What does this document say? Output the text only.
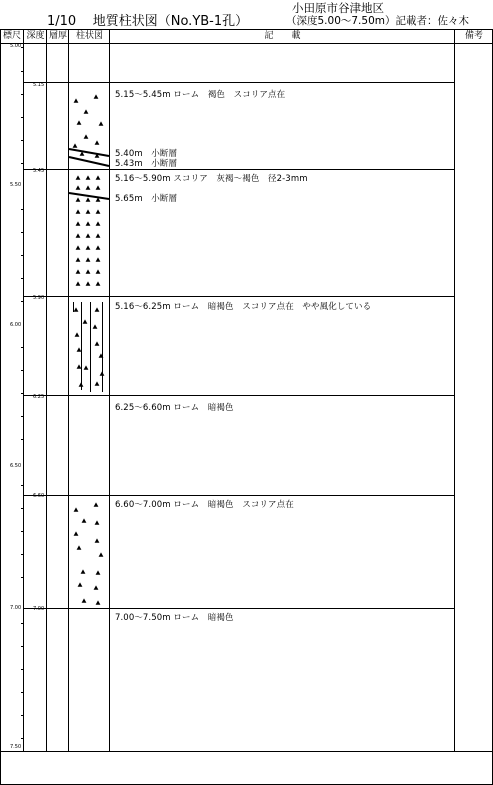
1/10 地質柱状図（No.YB-1孔）
小田原市谷津地区
（深度5.00～7.50m）記載者：佐々木
標尺 深度 層厚 柱状図	記　　載	備考
5.00
5.50
6.00
6.50
7.00
7.50
5.15
5.45
5.90
6.25
6.60
7.00
5.15～5.45m ローム　褐色　スコリア点在
5.40m　小断層
5.43m　小断層
5.16～5.90m スコリア　灰褐～褐色　径2-3mm
5.65m　小断層
5.16～6.25m ローム　暗褐色　スコリア点在　やや風化している
6.25～6.60m ローム　暗褐色
6.60～7.00m ローム　暗褐色　スコリア点在
7.00～7.50m ローム　暗褐色
